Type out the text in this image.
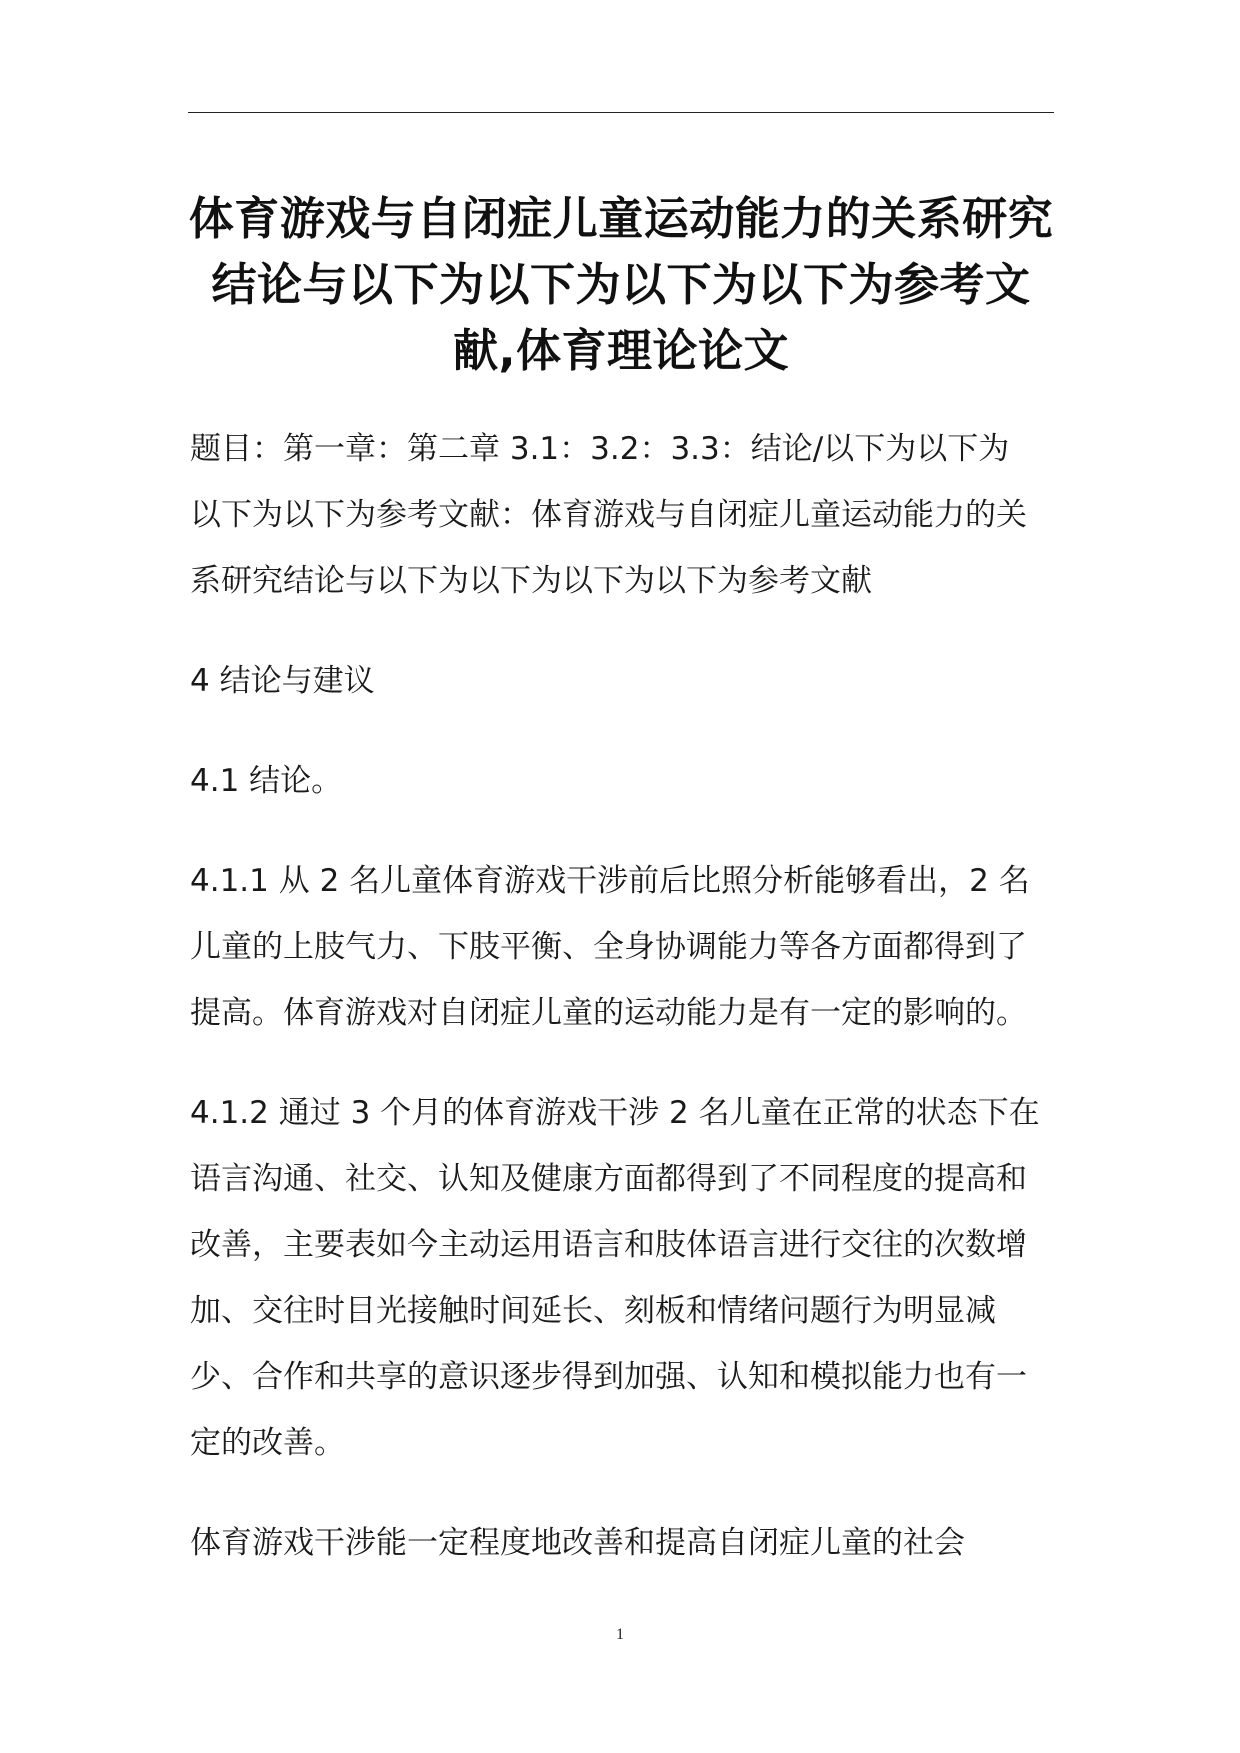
体育游戏与自闭症儿童运动能力的关系研究结论与以下为以下为以下为以下为参考文献,体育理论论文

题目：第一章：第二章 3.1：3.2：3.3：结论/以下为以下为以下为以下为参考文献：体育游戏与自闭症儿童运动能力的关系研究结论与以下为以下为以下为以下为参考文献

4 结论与建议

4.1 结论。

4.1.1 从 2 名儿童体育游戏干涉前后比照分析能够看出，2 名儿童的上肢气力、下肢平衡、全身协调能力等各方面都得到了提高。体育游戏对自闭症儿童的运动能力是有一定的影响的。

4.1.2 通过 3 个月的体育游戏干涉 2 名儿童在正常的状态下在语言沟通、社交、认知及健康方面都得到了不同程度的提高和改善，主要表如今主动运用语言和肢体语言进行交往的次数增加、交往时目光接触时间延长、刻板和情绪问题行为明显减少、合作和共享的意识逐步得到加强、认知和模拟能力也有一定的改善。

体育游戏干涉能一定程度地改善和提高自闭症儿童的社会

1
